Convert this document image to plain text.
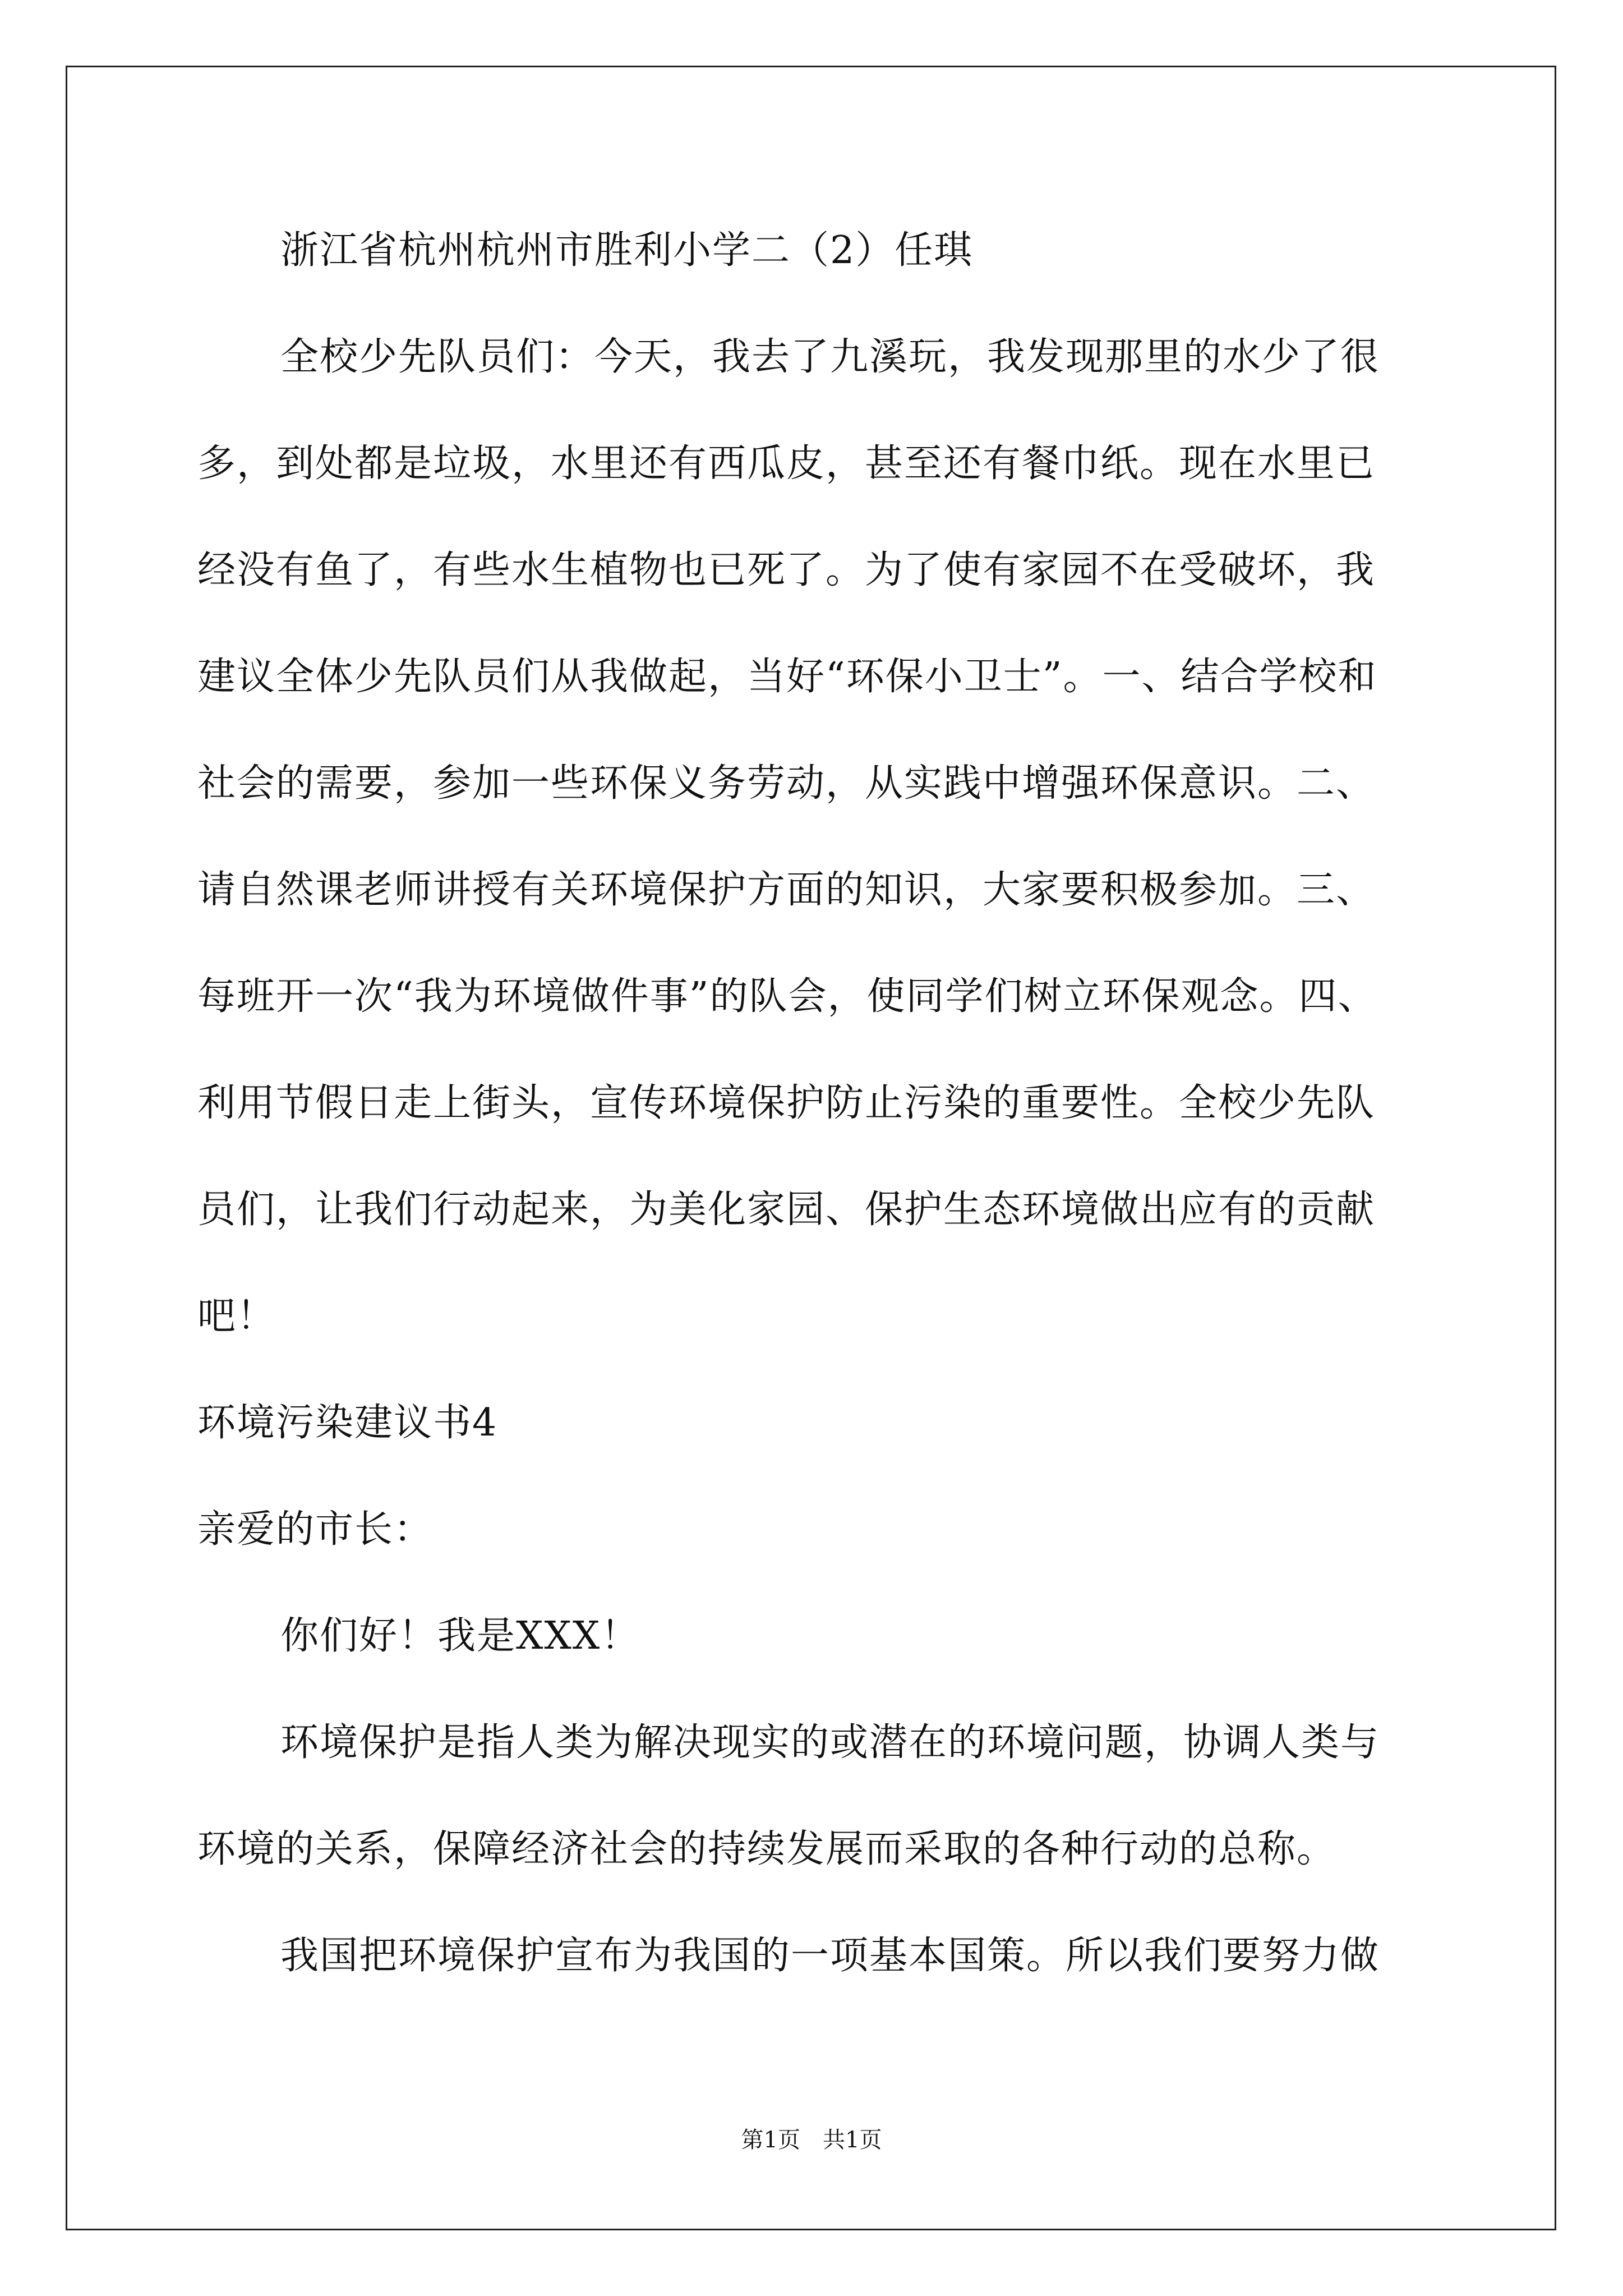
浙江省杭州杭州市胜利小学二（2）任琪
全校少先队员们：今天，我去了九溪玩，我发现那里的水少了很
多，到处都是垃圾，水里还有西瓜皮，甚至还有餐巾纸。现在水里已
经没有鱼了，有些水生植物也已死了。为了使有家园不在受破坏，我
建议全体少先队员们从我做起，当好“环保小卫士”。一、结合学校和
社会的需要，参加一些环保义务劳动，从实践中增强环保意识。二、
请自然课老师讲授有关环境保护方面的知识，大家要积极参加。三、
每班开一次“我为环境做件事”的队会，使同学们树立环保观念。四、
利用节假日走上街头，宣传环境保护防止污染的重要性。全校少先队
员们，让我们行动起来，为美化家园、保护生态环境做出应有的贡献
吧！
环境污染建议书4
亲爱的市长：
你们好！我是XXX！
环境保护是指人类为解决现实的或潜在的环境问题，协调人类与
环境的关系，保障经济社会的持续发展而采取的各种行动的总称。
我国把环境保护宣布为我国的一项基本国策。所以我们要努力做
第1页　共1页
